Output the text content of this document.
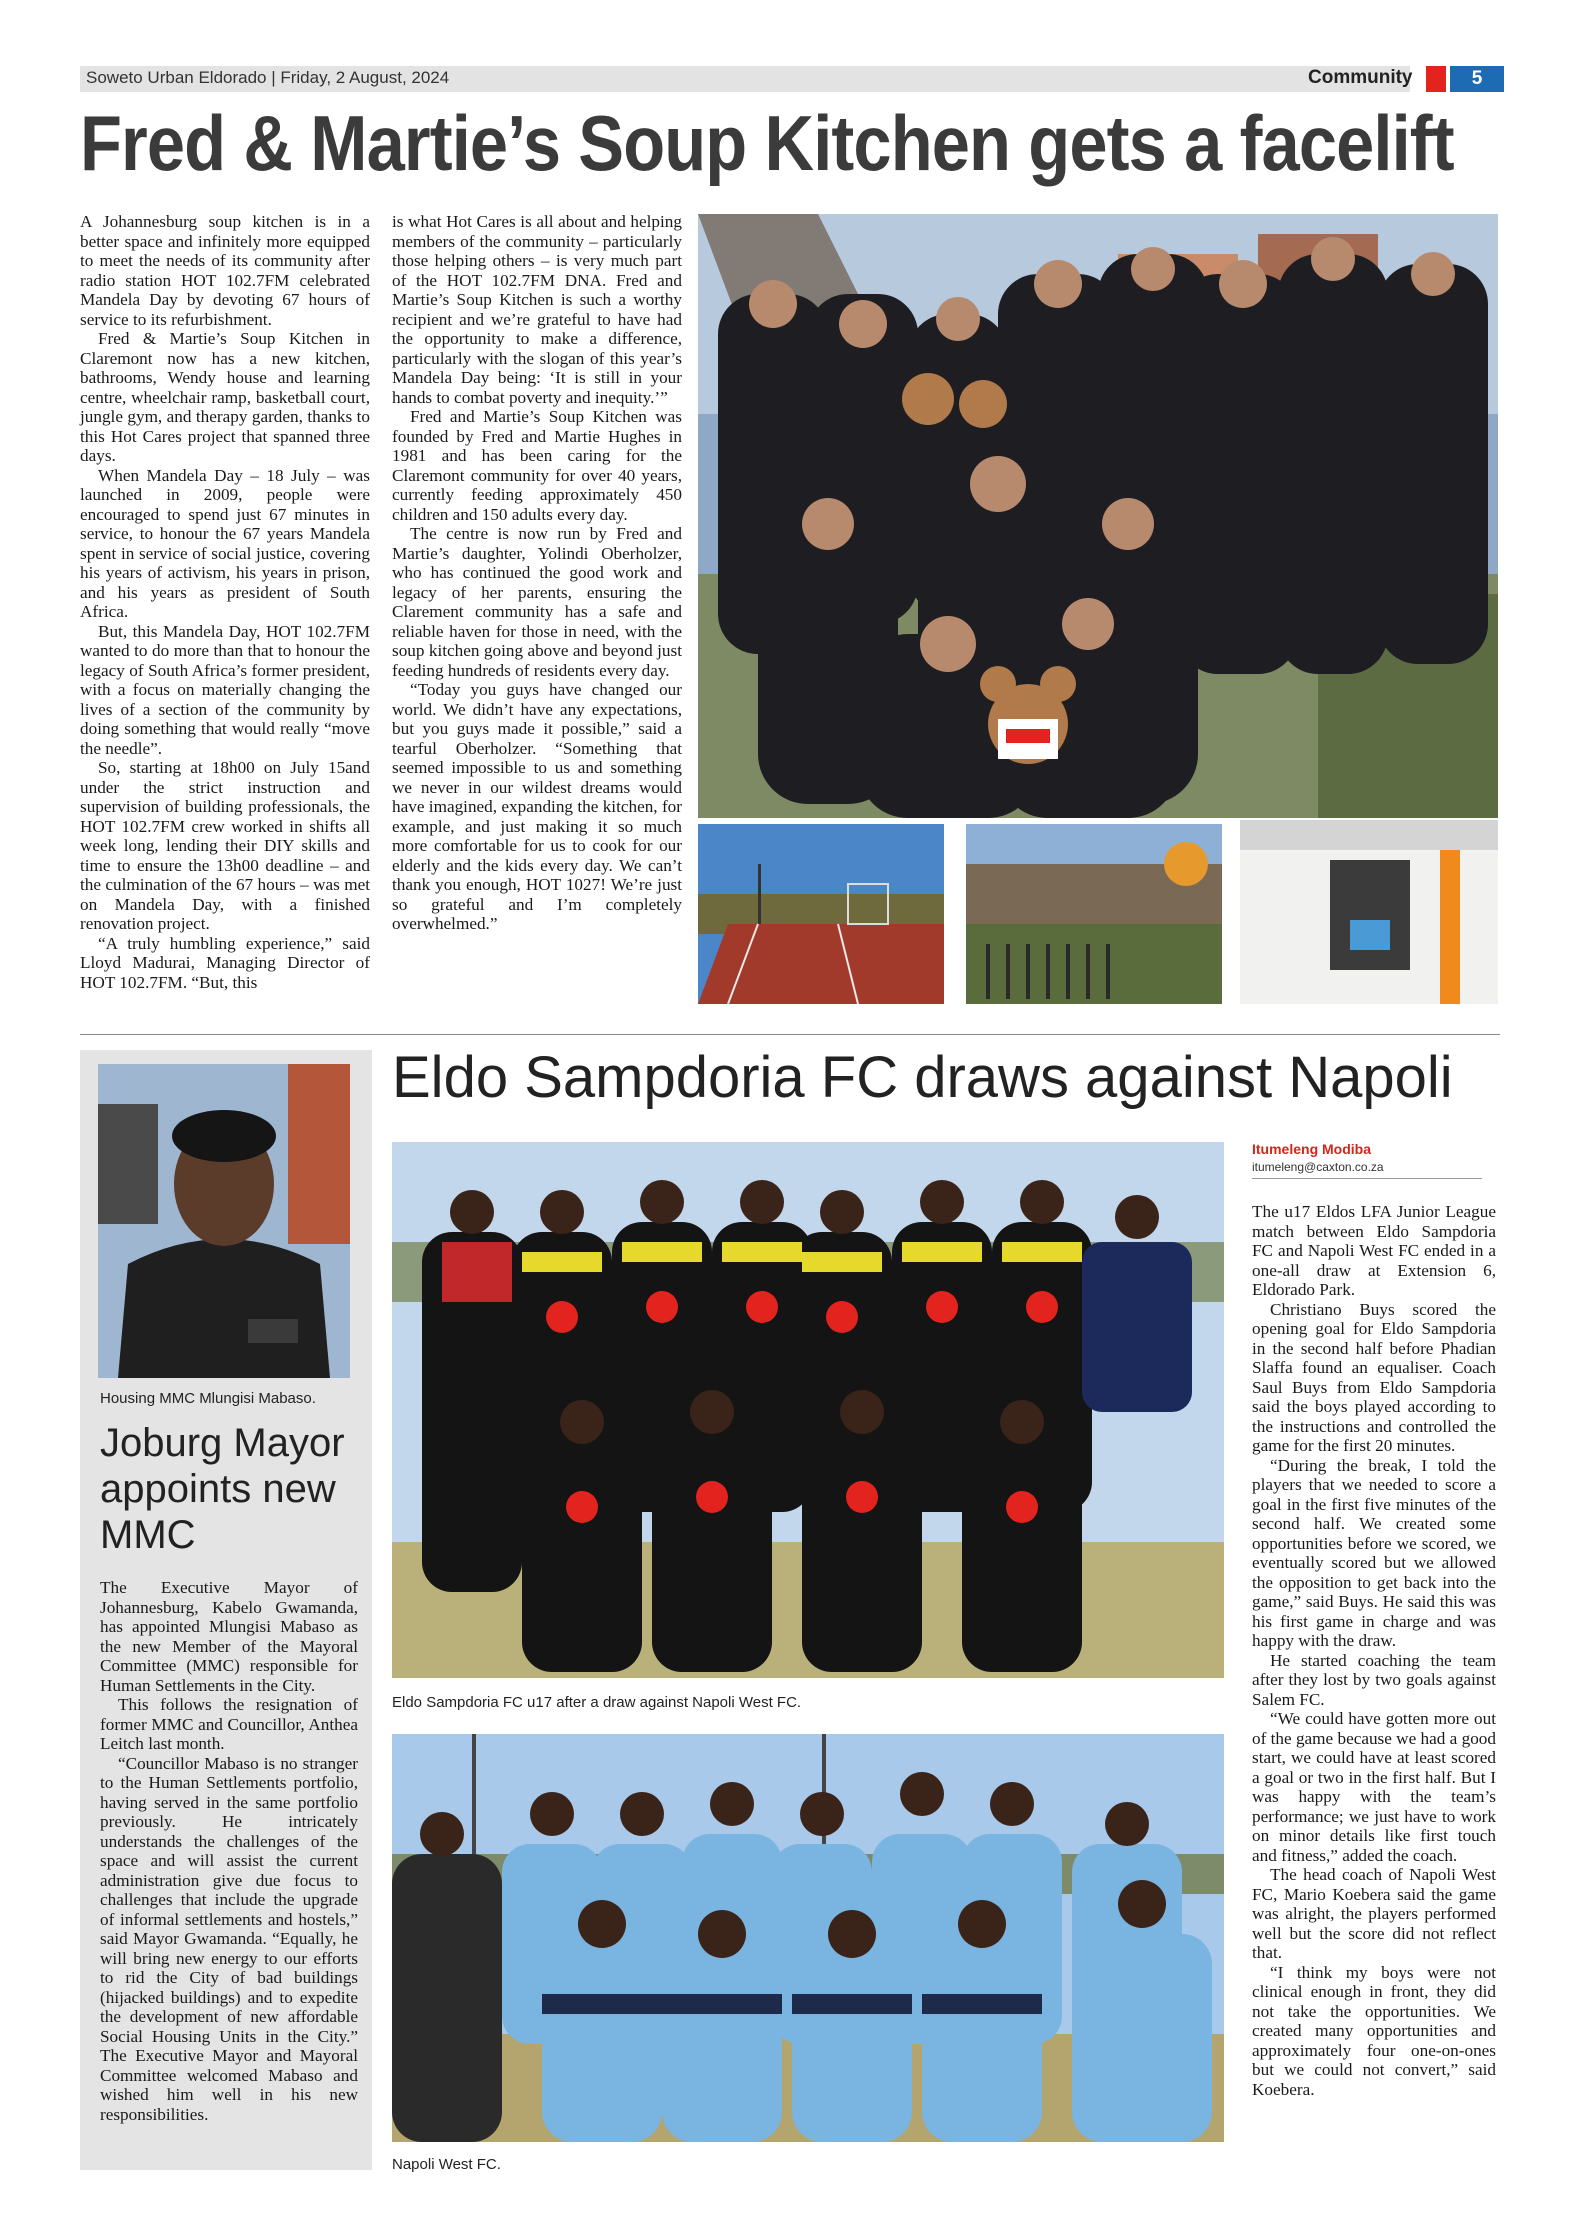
Soweto Urban Eldorado | Friday, 2 August, 2024	Community	5
Fred & Martie’s Soup Kitchen gets a facelift

A Johannesburg soup kitchen is in a better space and infinitely more equipped to meet the needs of its community after radio station HOT 102.7FM celebrated Mandela Day by devoting 67 hours of service to its refurbishment.

Fred & Martie’s Soup Kitchen in Claremont now has a new kitchen, bathrooms, Wendy house and learning centre, wheelchair ramp, basketball court, jungle gym, and therapy garden, thanks to this Hot Cares project that spanned three days.

When Mandela Day – 18 July – was launched in 2009, people were encouraged to spend just 67 minutes in service, to honour the 67 years Mandela spent in service of social justice, covering his years of activism, his years in prison, and his years as president of South Africa.

But, this Mandela Day, HOT 102.7FM wanted to do more than that to honour the legacy of South Africa’s former president, with a focus on materially changing the lives of a section of the community by doing something that would really “move the needle”.

So, starting at 18h00 on July 15and under the strict instruction and supervision of building professionals, the HOT 102.7FM crew worked in shifts all week long, lending their DIY skills and time to ensure the 13h00 deadline – and the culmination of the 67 hours – was met on Mandela Day, with a finished renovation project.

“A truly humbling experience,” said Lloyd Madurai, Managing Director of HOT 102.7FM. “But, this

is what Hot Cares is all about and helping members of the community – particularly those helping others – is very much part of the HOT 102.7FM DNA. Fred and Martie’s Soup Kitchen is such a worthy recipient and we’re grateful to have had the opportunity to make a difference, particularly with the slogan of this year’s Mandela Day being: ‘It is still in your hands to combat poverty and inequity.’”

Fred and Martie’s Soup Kitchen was founded by Fred and Martie Hughes in 1981 and has been caring for the Claremont community for over 40 years, currently feeding approximately 450 children and 150 adults every day.

The centre is now run by Fred and Martie’s daughter, Yolindi Oberholzer, who has continued the good work and legacy of her parents, ensuring the Clarement community has a safe and reliable haven for those in need, with the soup kitchen going above and beyond just feeding hundreds of residents every day.

“Today you guys have changed our world. We didn’t have any expectations, but you guys made it possible,” said a tearful Oberholzer. “Something that seemed impossible to us and something we never in our wildest dreams would have imagined, expanding the kitchen, for example, and just making it so much more comfortable for us to cook for our elderly and the kids every day. We can’t thank you enough, HOT 1027! We’re just so grateful and I’m completely overwhelmed.”

Housing MMC Mlungisi Mabaso.
Joburg Mayor appoints new MMC

The Executive Mayor of Johannesburg, Kabelo Gwamanda, has appointed Mlungisi Mabaso as the new Member of the Mayoral Committee (MMC) responsible for Human Settlements in the City.

This follows the resignation of former MMC and Councillor, Anthea Leitch last month.

“Councillor Mabaso is no stranger to the Human Settlements portfolio, having served in the same portfolio previously. He intricately understands the challenges of the space and will assist the current administration give due focus to challenges that include the upgrade of informal settlements and hostels,” said Mayor Gwamanda. “Equally, he will bring new energy to our efforts to rid the City of bad buildings (hijacked buildings) and to expedite the development of new affordable Social Housing Units in the City.” The Executive Mayor and Mayoral Committee welcomed Mabaso and wished him well in his new responsibilities.

Eldo Sampdoria FC draws against Napoli
Eldo Sampdoria FC u17 after a draw against Napoli West FC.
Napoli West FC.
Itumeleng Modiba
itumeleng@caxton.co.za

The u17 Eldos LFA Junior League match between Eldo Sampdoria FC and Napoli West FC ended in a one-all draw at Extension 6, Eldorado Park.

Christiano Buys scored the opening goal for Eldo Sampdoria in the second half before Phadian Slaffa found an equaliser. Coach Saul Buys from Eldo Sampdoria said the boys played according to the instructions and controlled the game for the first 20 minutes.

“During the break, I told the players that we needed to score a goal in the first five minutes of the second half. We created some opportunities before we scored, we eventually scored but we allowed the opposition to get back into the game,” said Buys. He said this was his first game in charge and was happy with the draw.

He started coaching the team after they lost by two goals against Salem FC.

“We could have gotten more out of the game because we had a good start, we could have at least scored a goal or two in the first half. But I was happy with the team’s performance; we just have to work on minor details like first touch and fitness,” added the coach.

The head coach of Napoli West FC, Mario Koebera said the game was alright, the players performed well but the score did not reflect that.

“I think my boys were not clinical enough in front, they did not take the opportunities. We created many opportunities and approximately four one-on-ones but we could not convert,” said Koebera.
